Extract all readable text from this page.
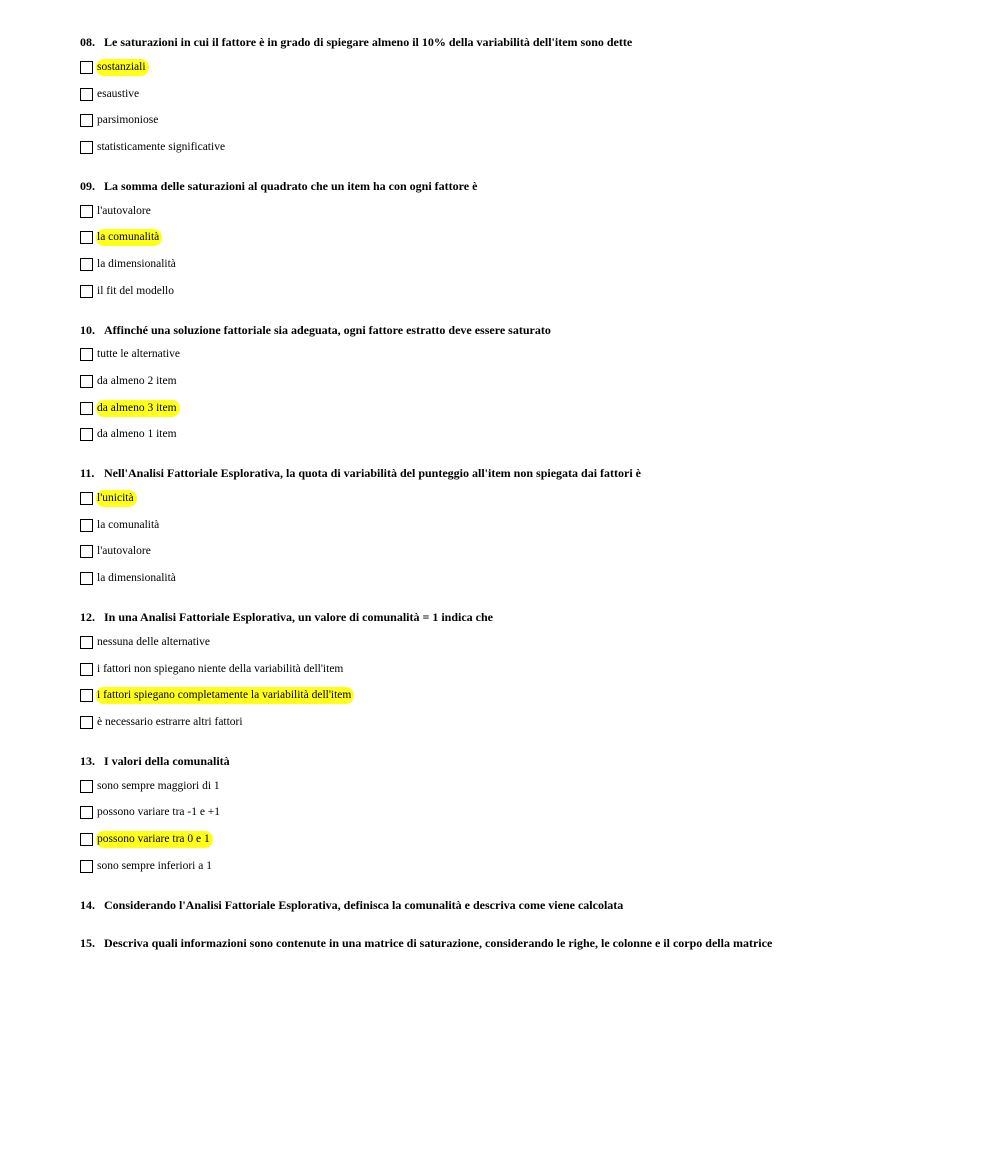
08. Le saturazioni in cui il fattore è in grado di spiegare almeno il 10% della variabilità dell'item sono dette
sostanziali
esaustive
parsimoniose
statisticamente significative
09. La somma delle saturazioni al quadrato che un item ha con ogni fattore è
l'autovalore
la comunalità
la dimensionalità
il fit del modello
10. Affinché una soluzione fattoriale sia adeguata, ogni fattore estratto deve essere saturato
tutte le alternative
da almeno 2 item
da almeno 3 item
da almeno 1 item
11. Nell'Analisi Fattoriale Esplorativa, la quota di variabilità del punteggio all'item non spiegata dai fattori è
l'unicità
la comunalità
l'autovalore
la dimensionalità
12. In una Analisi Fattoriale Esplorativa, un valore di comunalità = 1 indica che
nessuna delle alternative
i fattori non spiegano niente della variabilità dell'item
i fattori spiegano completamente la variabilità dell'item
è necessario estrarre altri fattori
13. I valori della comunalità
sono sempre maggiori di 1
possono variare tra -1 e +1
possono variare tra 0 e 1
sono sempre inferiori a 1
14. Considerando l'Analisi Fattoriale Esplorativa, definisca la comunalità e descriva come viene calcolata
15. Descriva quali informazioni sono contenute in una matrice di saturazione, considerando le righe, le colonne e il corpo della matrice
